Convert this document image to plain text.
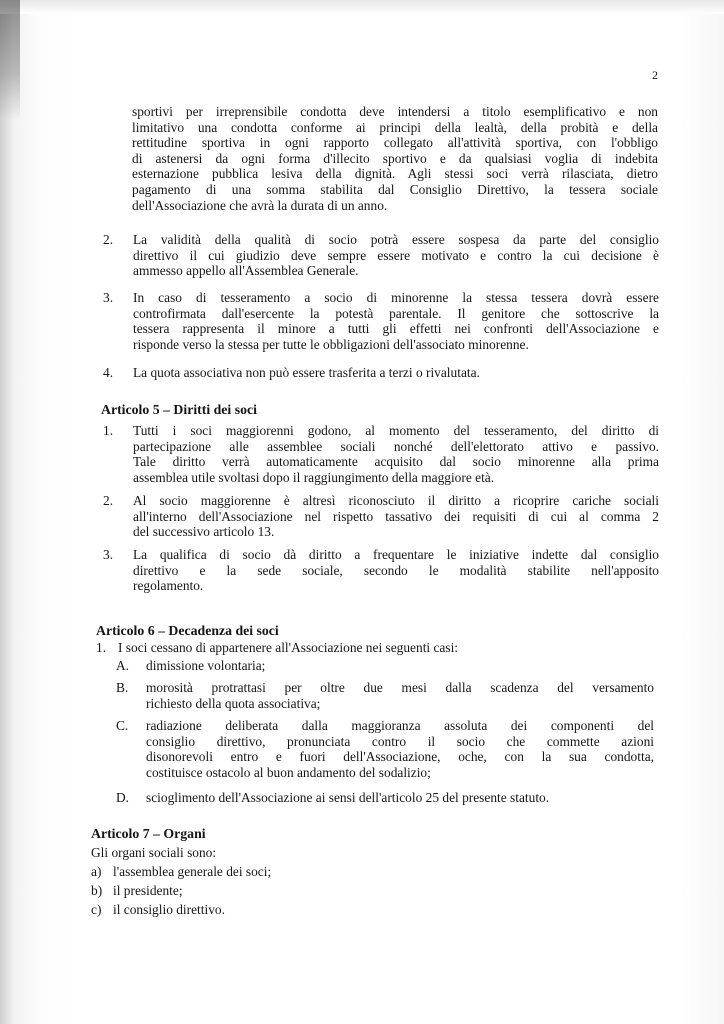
2
sportivi per irreprensibile condotta deve intendersi a titolo esemplificativo e non
limitativo una condotta conforme ai principi della lealtà, della probità e della
rettitudine sportiva in ogni rapporto collegato all'attività sportiva, con l'obbligo
di astenersi da ogni forma d'illecito sportivo e da qualsiasi voglia di indebita
esternazione pubblica lesiva della dignità. Agli stessi soci verrà rilasciata, dietro
pagamento di una somma stabilita dal Consiglio Direttivo, la tessera sociale
dell'Associazione che avrà la durata di un anno.
2. La validità della qualità di socio potrà essere sospesa da parte del consiglio
direttivo il cui giudizio deve sempre essere motivato e contro la cui decisione è
ammesso appello all'Assemblea Generale.
3. In caso di tesseramento a socio di minorenne la stessa tessera dovrà essere
controfirmata dall'esercente la potestà parentale. Il genitore che sottoscrive la
tessera rappresenta il minore a tutti gli effetti nei confronti dell'Associazione e
risponde verso la stessa per tutte le obbligazioni dell'associato minorenne.
4. La quota associativa non può essere trasferita a terzi o rivalutata.
Articolo 5 – Diritti dei soci
1. Tutti i soci maggiorenni godono, al momento del tesseramento, del diritto di
partecipazione alle assemblee sociali nonché dell'elettorato attivo e passivo.
Tale diritto verrà automaticamente acquisito dal socio minorenne alla prima
assemblea utile svoltasi dopo il raggiungimento della maggiore età.
2. Al socio maggiorenne è altresì riconosciuto il diritto a ricoprire cariche sociali
all'interno dell'Associazione nel rispetto tassativo dei requisiti di cui al comma 2
del successivo articolo 13.
3. La qualifica di socio dà diritto a frequentare le iniziative indette dal consiglio
direttivo e la sede sociale, secondo le modalità stabilite nell'apposito
regolamento.
Articolo 6 – Decadenza dei soci
1. I soci cessano di appartenere all'Associazione nei seguenti casi:
A. dimissione volontaria;
B. morosità protrattasi per oltre due mesi dalla scadenza del versamento
richiesto della quota associativa;
C. radiazione deliberata dalla maggioranza assoluta dei componenti del
consiglio direttivo, pronunciata contro il socio che commette azioni
disonorevoli entro e fuori dell'Associazione, oche, con la sua condotta,
costituisce ostacolo al buon andamento del sodalizio;
D. scioglimento dell'Associazione ai sensi dell'articolo 25 del presente statuto.
Articolo 7 – Organi
Gli organi sociali sono:
a) l'assemblea generale dei soci;
b) il presidente;
c) il consiglio direttivo.
